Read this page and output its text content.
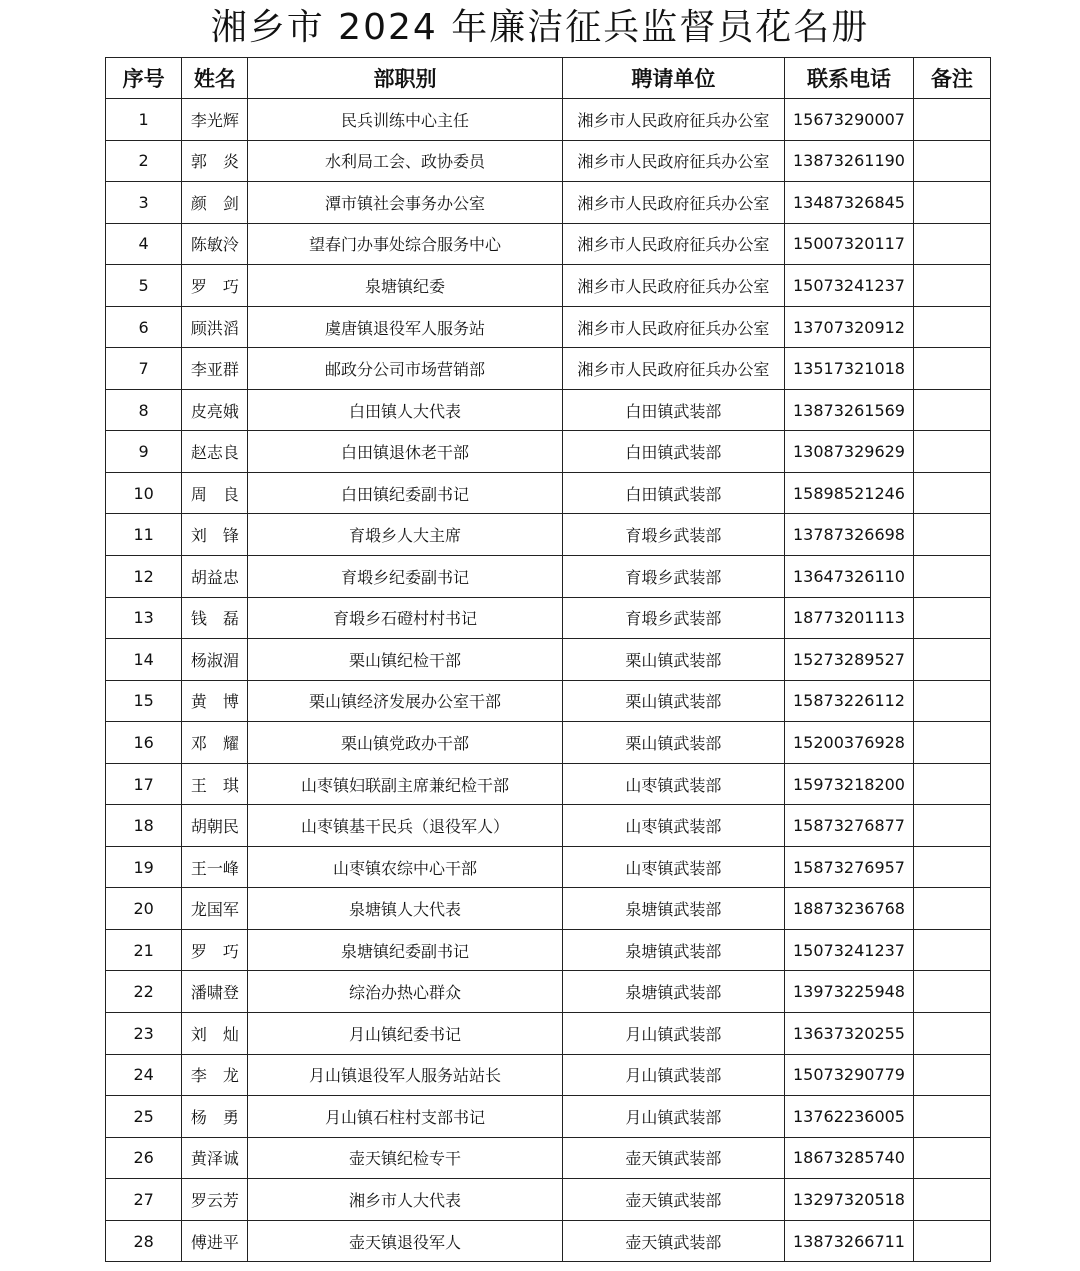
湘乡市 2024 年廉洁征兵监督员花名册
序号	姓名	部职别	聘请单位	联系电话	备注
1	李光辉	民兵训练中心主任	湘乡市人民政府征兵办公室	15673290007	
2	郭　炎	水利局工会、政协委员	湘乡市人民政府征兵办公室	13873261190	
3	颜　剑	潭市镇社会事务办公室	湘乡市人民政府征兵办公室	13487326845	
4	陈敏泠	望春门办事处综合服务中心	湘乡市人民政府征兵办公室	15007320117	
5	罗　巧	泉塘镇纪委	湘乡市人民政府征兵办公室	15073241237	
6	顾洪滔	虞唐镇退役军人服务站	湘乡市人民政府征兵办公室	13707320912	
7	李亚群	邮政分公司市场营销部	湘乡市人民政府征兵办公室	13517321018	
8	皮亮娥	白田镇人大代表	白田镇武装部	13873261569	
9	赵志良	白田镇退休老干部	白田镇武装部	13087329629	
10	周　良	白田镇纪委副书记	白田镇武装部	15898521246	
11	刘　锋	育塅乡人大主席	育塅乡武装部	13787326698	
12	胡益忠	育塅乡纪委副书记	育塅乡武装部	13647326110	
13	钱　磊	育塅乡石磴村村书记	育塅乡武装部	18773201113	
14	杨淑湄	栗山镇纪检干部	栗山镇武装部	15273289527	
15	黄　博	栗山镇经济发展办公室干部	栗山镇武装部	15873226112	
16	邓　耀	栗山镇党政办干部	栗山镇武装部	15200376928	
17	王　琪	山枣镇妇联副主席兼纪检干部	山枣镇武装部	15973218200	
18	胡朝民	山枣镇基干民兵（退役军人）	山枣镇武装部	15873276877	
19	王一峰	山枣镇农综中心干部	山枣镇武装部	15873276957	
20	龙国军	泉塘镇人大代表	泉塘镇武装部	18873236768	
21	罗　巧	泉塘镇纪委副书记	泉塘镇武装部	15073241237	
22	潘啸登	综治办热心群众	泉塘镇武装部	13973225948	
23	刘　灿	月山镇纪委书记	月山镇武装部	13637320255	
24	李　龙	月山镇退役军人服务站站长	月山镇武装部	15073290779	
25	杨　勇	月山镇石柱村支部书记	月山镇武装部	13762236005	
26	黄泽诚	壶天镇纪检专干	壶天镇武装部	18673285740	
27	罗云芳	湘乡市人大代表	壶天镇武装部	13297320518	
28	傅进平	壶天镇退役军人	壶天镇武装部	13873266711	
